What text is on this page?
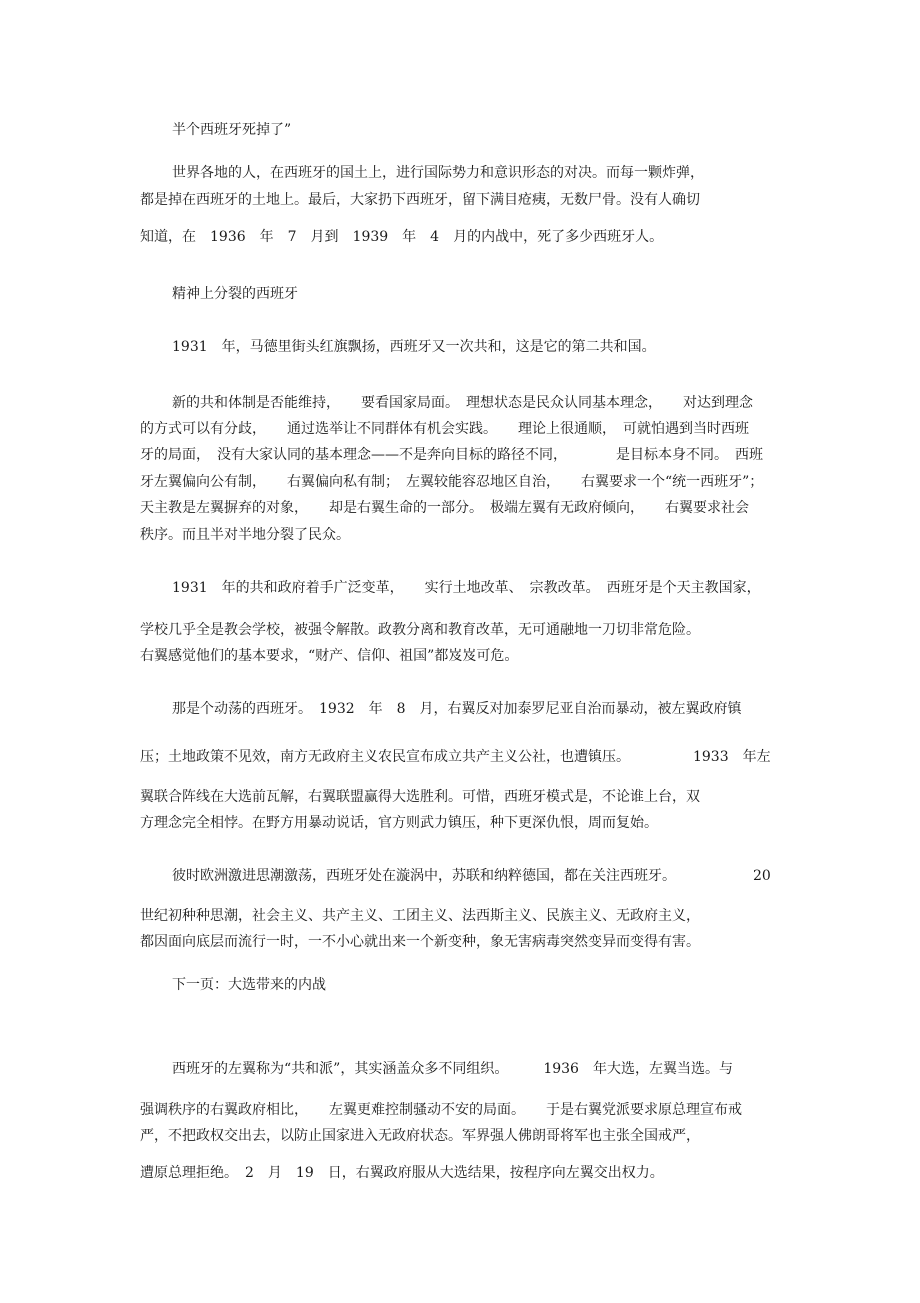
半个西班牙死掉了”
世界各地的人，在西班牙的国土上，进行国际势力和意识形态的对决。而每一颗炸弹，
都是掉在西班牙的土地上。最后，大家扔下西班牙，留下满目疮痍，无数尸骨。没有人确切
知道，在　1936　年　7　月到　1939　年　4　月的内战中，死了多少西班牙人。
精神上分裂的西班牙
1931　年，马德里街头红旗飘扬，西班牙又一次共和，这是它的第二共和国。
新的共和体制是否能维持，　　要看国家局面。　理想状态是民众认同基本理念，　　对达到理念
的方式可以有分歧，　　通过选举让不同群体有机会实践。　　理论上很通顺，　可就怕遇到当时西班
牙的局面，　没有大家认同的基本理念——不是奔向目标的路径不同，　　　　是目标本身不同。　西班
牙左翼偏向公有制，　　右翼偏向私有制；　左翼较能容忍地区自治，　　右翼要求一个“统一西班牙”；
天主教是左翼摒弃的对象，　　却是右翼生命的一部分。　极端左翼有无政府倾向，　　右翼要求社会
秩序。而且半对半地分裂了民众。
1931　年的共和政府着手广泛变革，　　实行土地改革、　宗教改革。　西班牙是个天主教国家，
学校几乎全是教会学校，被强令解散。政教分离和教育改革，无可通融地一刀切非常危险。
右翼感觉他们的基本要求，“财产、信仰、祖国”都岌岌可危。
那是个动荡的西班牙。　1932　年　8　月，右翼反对加泰罗尼亚自治而暴动，被左翼政府镇
压；土地政策不见效，南方无政府主义农民宣布成立共产主义公社，也遭镇压。　　　　　1933　年左
翼联合阵线在大选前瓦解，右翼联盟赢得大选胜利。可惜，西班牙模式是，不论谁上台，双
方理念完全相悖。在野方用暴动说话，官方则武力镇压，种下更深仇恨，周而复始。
彼时欧洲激进思潮激荡，西班牙处在漩涡中，苏联和纳粹德国，都在关注西班牙。　　　　　　20
世纪初种种思潮，社会主义、共产主义、工团主义、法西斯主义、民族主义、无政府主义，
都因面向底层而流行一时，一不小心就出来一个新变种，象无害病毒突然变异而变得有害。
下一页：大选带来的内战
西班牙的左翼称为“共和派”，其实涵盖众多不同组织。　　　1936　年大选，左翼当选。与
强调秩序的右翼政府相比，　　左翼更难控制骚动不安的局面。　　于是右翼党派要求原总理宣布戒
严，不把政权交出去，以防止国家进入无政府状态。军界强人佛朗哥将军也主张全国戒严，
遭原总理拒绝。　2　月　19　日，右翼政府服从大选结果，按程序向左翼交出权力。
